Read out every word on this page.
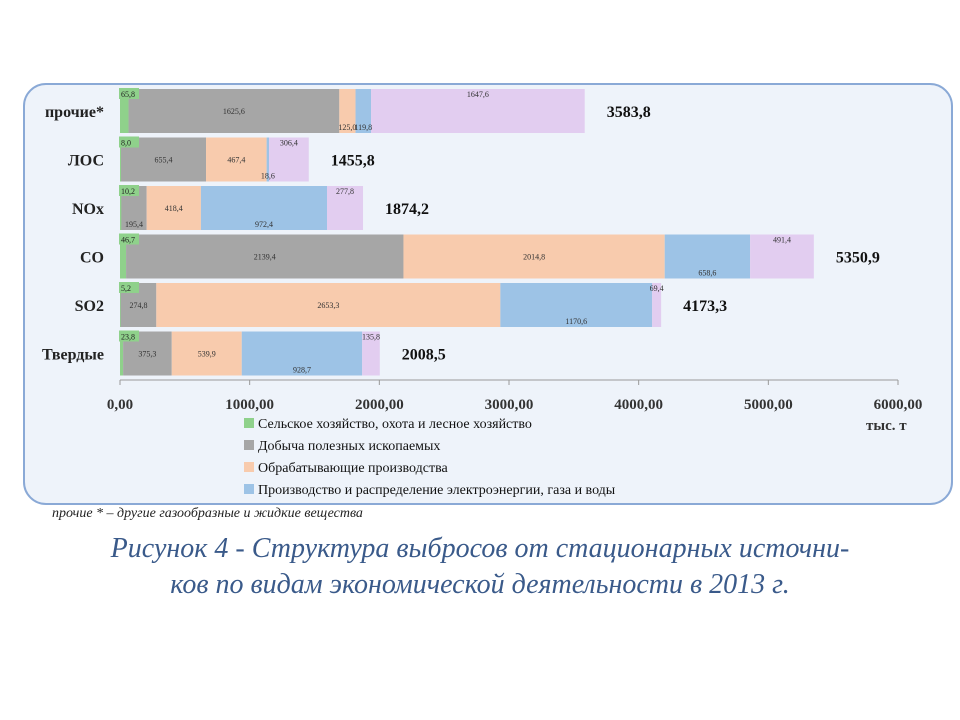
прочие*
65,8
1625,6
125,0
119,8
1647,6
3583,8
ЛОС
8,0
655,4	467,4
18,6
306,4
1455,8
NOx
10,2
195,4
418,4
972,4
277,8
1874,2
CO
46,7
2139,4	2014,8
658,6
491,4
5350,9
SO2
5,2
274,8	2653,3
1170,6
69,4
4173,3
Твердые
23,8
375,3	539,9
928,7
135,8
2008,5
0,00	1000,00	2000,00	3000,00	4000,00	5000,00	6000,00
Сельское хозяйство, охота и лесное хозяйство
Добыча полезных ископаемых
Обрабатывающие производства
Производство и распределение электроэнергии, газа и воды
тыс. т
прочие * – другие газообразные и жидкие вещества
Рисунок 4 - Структура выбросов от стационарных источни-
ков по видам экономической деятельности в 2013 г.
